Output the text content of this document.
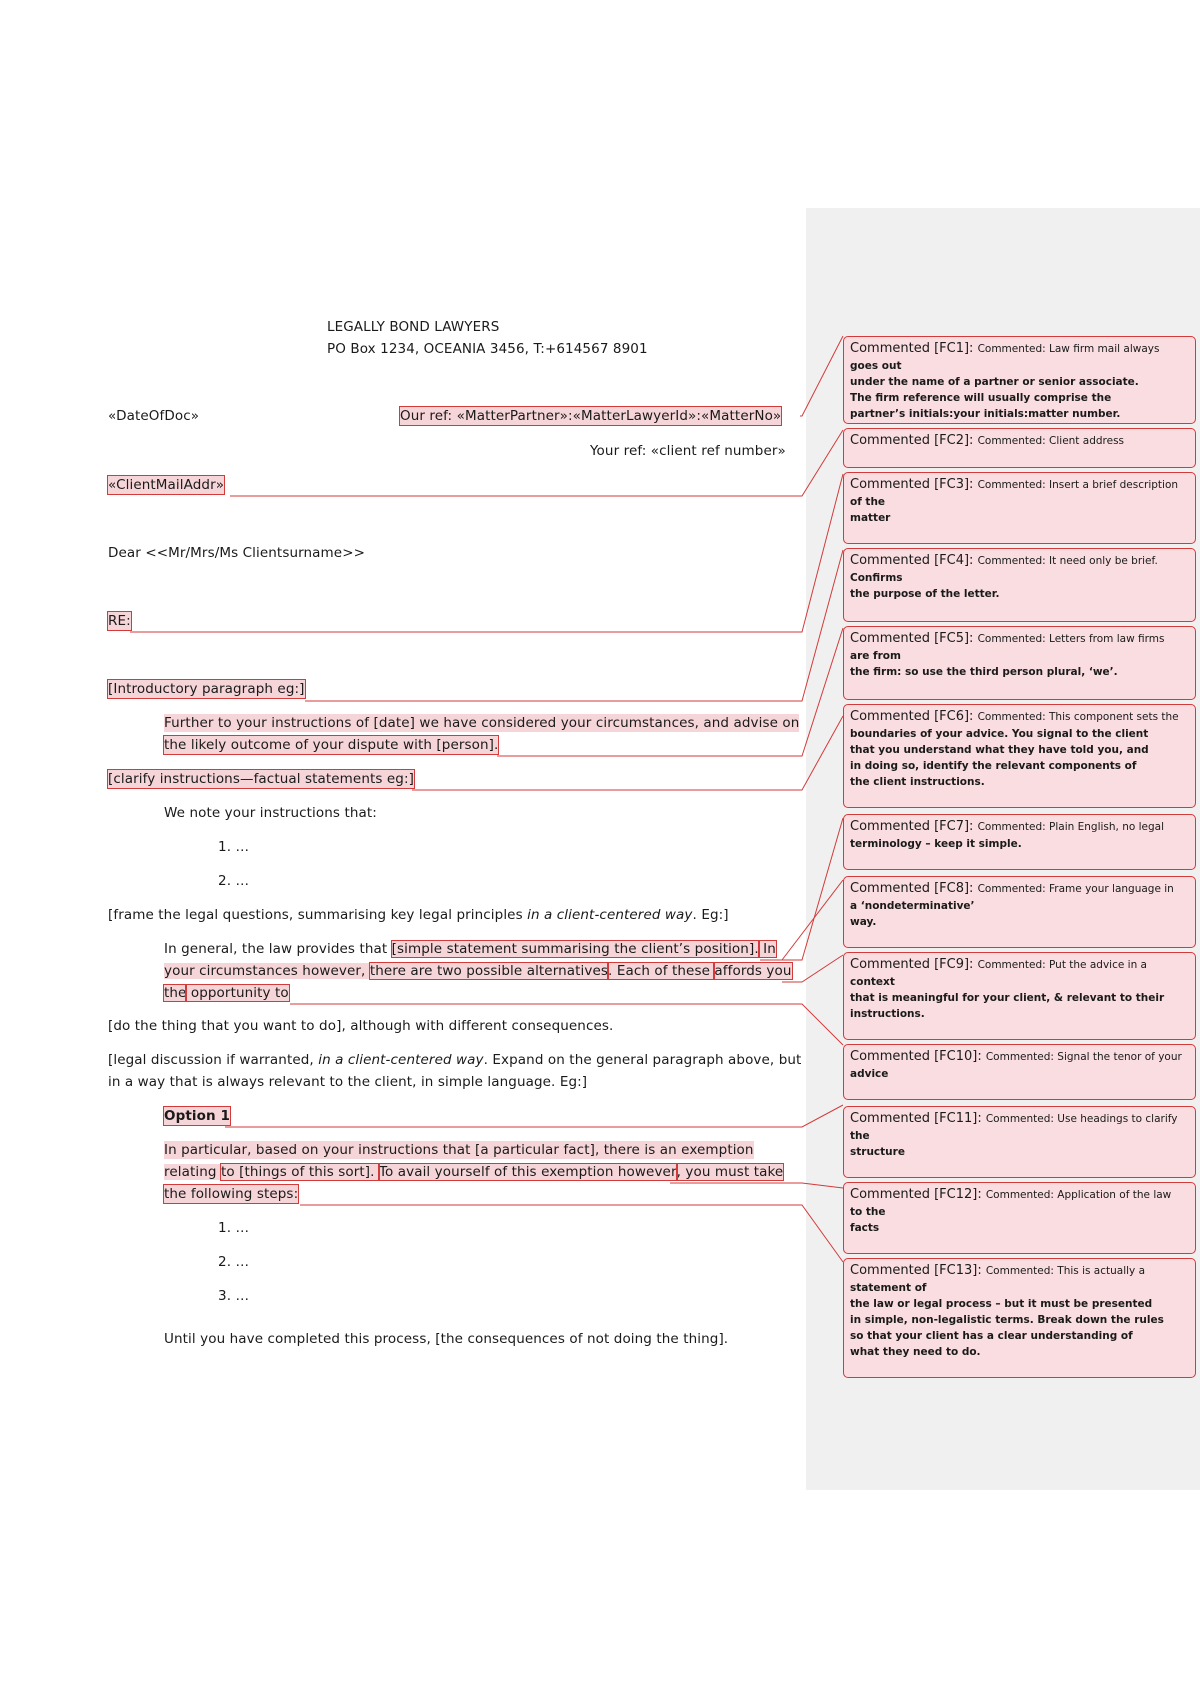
LEGALLY BOND LAWYERS
PO Box 1234, OCEANIA 3456, T:+614567 8901
«DateOfDoc»	Our ref: «MatterPartner»:«MatterLawyerId»:«MatterNo»
Your ref: «client ref number»
«ClientMailAddr»
Dear <<Mr/Mrs/Ms Clientsurname>>
RE:
[Introductory paragraph eg:]
Further to your instructions of [date] we have considered your circumstances, and advise on
the likely outcome of your dispute with [person].
[clarify instructions—factual statements eg:]
We note your instructions that:
1. …
2. …
[frame the legal questions, summarising key legal principles in a client-centered way. Eg:]
In general, the law provides that [simple statement summarising the client’s position]. In
your circumstances however, there are two possible alternatives. Each of these affords you
the opportunity to
[do the thing that you want to do], although with different consequences.
[legal discussion if warranted, in a client-centered way. Expand on the general paragraph above, but
in a way that is always relevant to the client, in simple language. Eg:]
Option 1
In particular, based on your instructions that [a particular fact], there is an exemption
relating to [things of this sort]. To avail yourself of this exemption however, you must take
the following steps:
1. …
2. …
3. …
Until you have completed this process, [the consequences of not doing the thing].
Commented [FC1]: Commented: Law firm mail always
goes out
under the name of a partner or senior associate.
The firm reference will usually comprise the
partner’s initials:your initials:matter number.
Commented [FC2]: Commented: Client address
Commented [FC3]: Commented: Insert a brief description
of the
matter
Commented [FC4]: Commented: It need only be brief.
Confirms
the purpose of the letter.
Commented [FC5]: Commented: Letters from law firms
are from
the firm: so use the third person plural, ‘we’.
Commented [FC6]: Commented: This component sets the
boundaries of your advice. You signal to the client
that you understand what they have told you, and
in doing so, identify the relevant components of
the client instructions.
Commented [FC7]: Commented: Plain English, no legal
terminology – keep it simple.
Commented [FC8]: Commented: Frame your language in
a ‘nondeterminative’
way.
Commented [FC9]: Commented: Put the advice in a
context
that is meaningful for your client, & relevant to their
instructions.
Commented [FC10]: Commented: Signal the tenor of your
advice
Commented [FC11]: Commented: Use headings to clarify
the
structure
Commented [FC12]: Commented: Application of the law
to the
facts
Commented [FC13]: Commented: This is actually a
statement of
the law or legal process – but it must be presented
in simple, non-legalistic terms. Break down the rules
so that your client has a clear understanding of
what they need to do.
